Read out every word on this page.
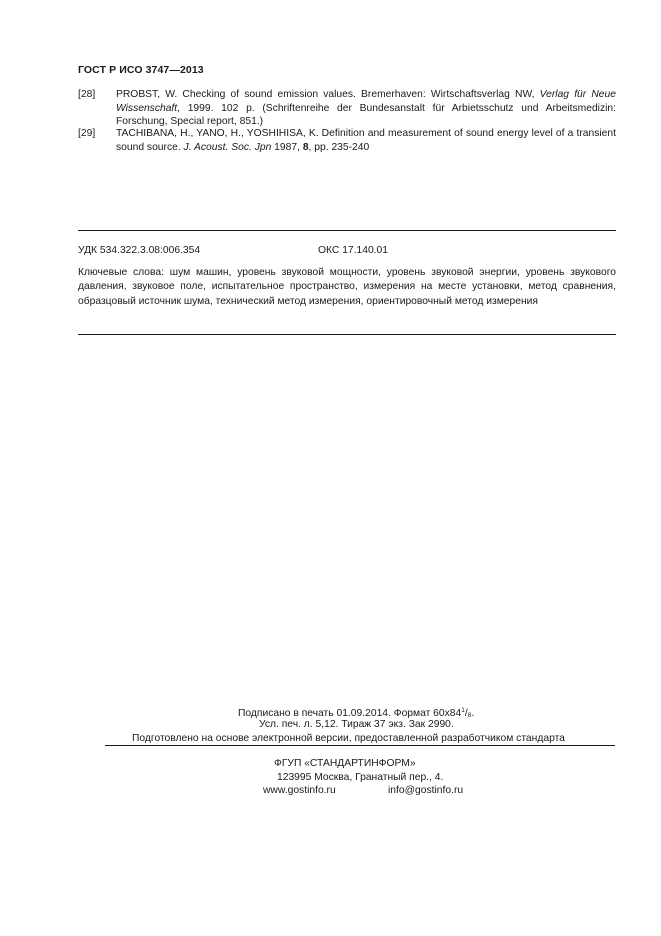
ГОСТ Р ИСО 3747—2013
[28] PROBST, W. Checking of sound emission values. Bremerhaven: Wirtschaftsverlag NW, Verlag für Neue Wissenschaft, 1999. 102 p. (Schriftenreihe der Bundesanstalt für Arbietsschutz und Arbeitsmedizin: Forschung, Special report, 851.)
[29] TACHIBANA, H., YANO, H., YOSHIHISA, K. Definition and measurement of sound energy level of a transient sound source. J. Acoust. Soc. Jpn 1987, 8, pp. 235-240
УДК 534.322.3.08:006.354	ОКС 17.140.01
Ключевые слова: шум машин, уровень звуковой мощности, уровень звуковой энергии, уровень звукового давления, звуковое поле, испытательное пространство, измерения на месте установки, метод сравнения, образцовый источник шума, технический метод измерения, ориентировочный метод измерения
Подписано в печать 01.09.2014. Формат $60х84^1/_8$.
Усл. печ. л. 5,12. Тираж 37 экз. Зак 2990.
Подготовлено на основе электронной версии, предоставленной разработчиком стандарта
ФГУП «СТАНДАРТИНФОРМ»
123995 Москва, Гранатный пер., 4.
www.gostinfo.ru	info@gostinfo.ru
